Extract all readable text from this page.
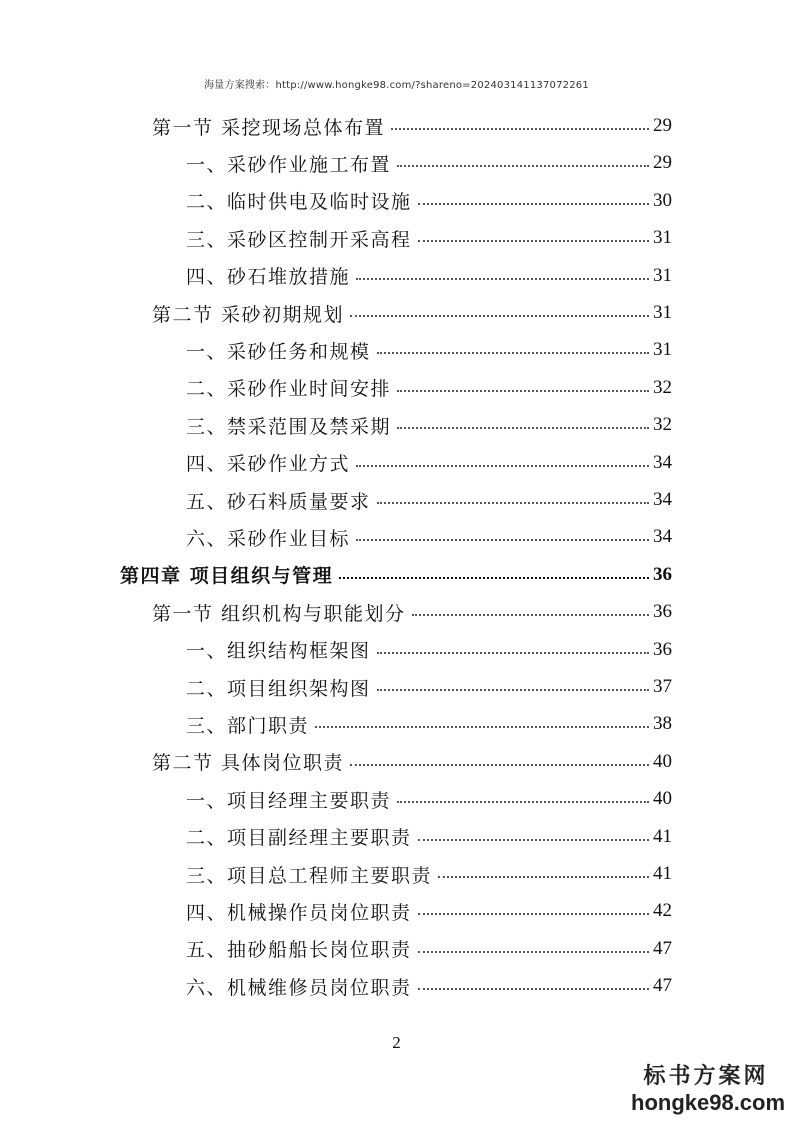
海量方案搜索：http://www.hongke98.com/?shareno=202403141137072261
第一节 采挖现场总体布置	29
一、采砂作业施工布置	29
二、临时供电及临时设施	30
三、采砂区控制开采高程	31
四、砂石堆放措施	31
第二节 采砂初期规划	31
一、采砂任务和规模	31
二、采砂作业时间安排	32
三、禁采范围及禁采期	32
四、采砂作业方式	34
五、砂石料质量要求	34
六、采砂作业目标	34
第四章 项目组织与管理	36
第一节 组织机构与职能划分	36
一、组织结构框架图	36
二、项目组织架构图	37
三、部门职责	38
第二节 具体岗位职责	40
一、项目经理主要职责	40
二、项目副经理主要职责	41
三、项目总工程师主要职责	41
四、机械操作员岗位职责	42
五、抽砂船船长岗位职责	47
六、机械维修员岗位职责	47
2
标书方案网
hongke98.com
